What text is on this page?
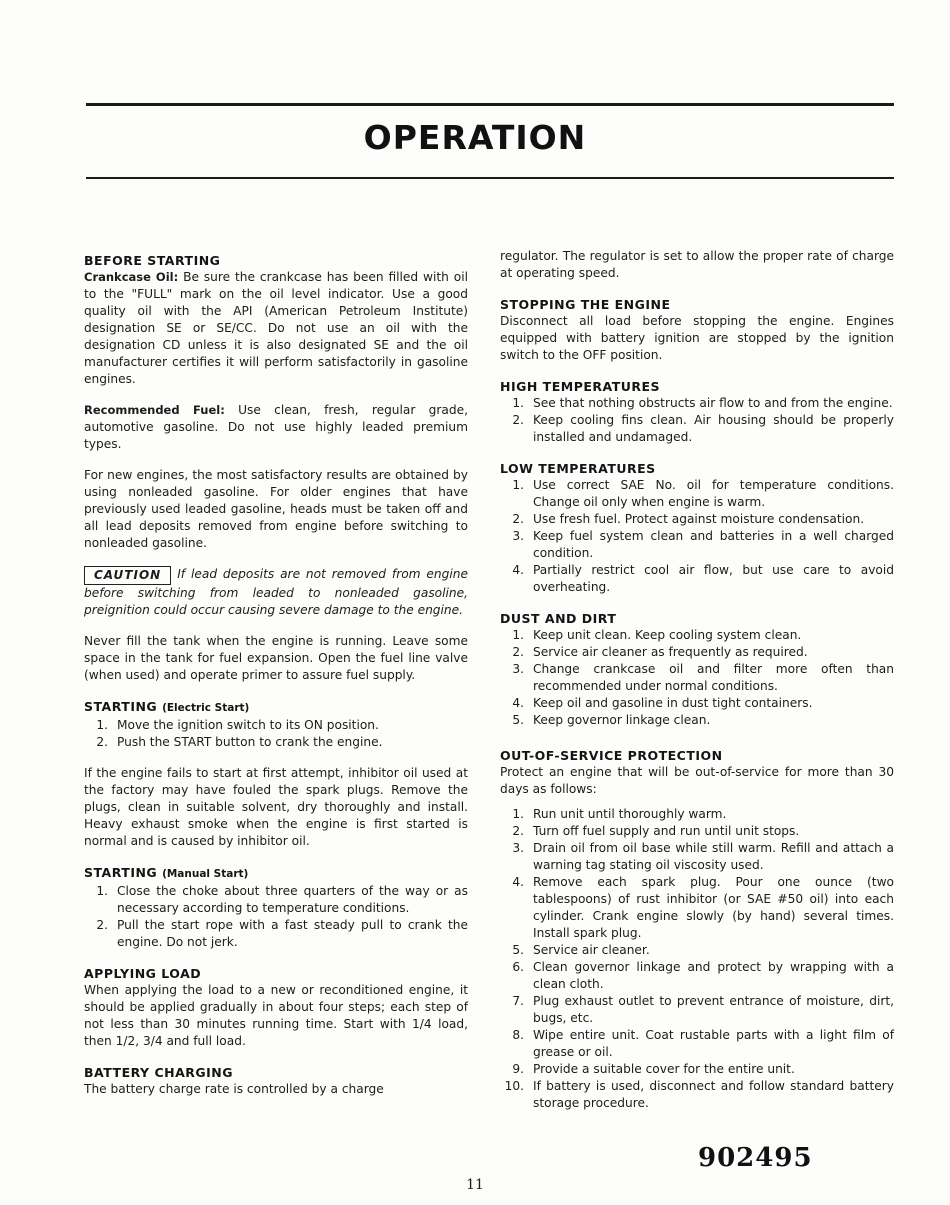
OPERATION
BEFORE STARTING

Crankcase Oil: Be sure the crankcase has been filled with oil to the "FULL" mark on the oil level indicator. Use a good quality oil with the API (American Petroleum Institute) designation SE or SE/CC. Do not use an oil with the designation CD unless it is also designated SE and the oil manufacturer certifies it will perform satisfactorily in gasoline engines.

Recommended Fuel: Use clean, fresh, regular grade, automotive gasoline. Do not use highly leaded premium types.

For new engines, the most satisfactory results are obtained by using nonleaded gasoline. For older engines that have previously used leaded gasoline, heads must be taken off and all lead deposits removed from engine before switching to nonleaded gasoline.

CAUTION If lead deposits are not removed from engine before switching from leaded to nonleaded gasoline, preignition could occur causing severe damage to the engine.

Never fill the tank when the engine is running. Leave some space in the tank for fuel expansion. Open the fuel line valve (when used) and operate primer to assure fuel supply.

STARTING (Electric Start)
1. Move the ignition switch to its ON position.
2. Push the START button to crank the engine.

If the engine fails to start at first attempt, inhibitor oil used at the factory may have fouled the spark plugs. Remove the plugs, clean in suitable solvent, dry thoroughly and install. Heavy exhaust smoke when the engine is first started is normal and is caused by inhibitor oil.

STARTING (Manual Start)
1. Close the choke about three quarters of the way or as necessary according to temperature conditions.
2. Pull the start rope with a fast steady pull to crank the engine. Do not jerk.
APPLYING LOAD

When applying the load to a new or reconditioned engine, it should be applied gradually in about four steps; each step of not less than 30 minutes running time. Start with 1/4 load, then 1/2, 3/4 and full load.

BATTERY CHARGING

The battery charge rate is controlled by a charge

regulator. The regulator is set to allow the proper rate of charge at operating speed.

STOPPING THE ENGINE

Disconnect all load before stopping the engine. Engines equipped with battery ignition are stopped by the ignition switch to the OFF position.

HIGH TEMPERATURES
1. See that nothing obstructs air flow to and from the engine.
2. Keep cooling fins clean. Air housing should be properly installed and undamaged.
LOW TEMPERATURES
1. Use correct SAE No. oil for temperature conditions. Change oil only when engine is warm.
2. Use fresh fuel. Protect against moisture condensation.
3. Keep fuel system clean and batteries in a well charged condition.
4. Partially restrict cool air flow, but use care to avoid overheating.
DUST AND DIRT
1. Keep unit clean. Keep cooling system clean.
2. Service air cleaner as frequently as required.
3. Change crankcase oil and filter more often than recommended under normal conditions.
4. Keep oil and gasoline in dust tight containers.
5. Keep governor linkage clean.
OUT-OF-SERVICE PROTECTION

Protect an engine that will be out-of-service for more than 30 days as follows:

1. Run unit until thoroughly warm.
2. Turn off fuel supply and run until unit stops.
3. Drain oil from oil base while still warm. Refill and attach a warning tag stating oil viscosity used.
4. Remove each spark plug. Pour one ounce (two tablespoons) of rust inhibitor (or SAE #50 oil) into each cylinder. Crank engine slowly (by hand) several times. Install spark plug.
5. Service air cleaner.
6. Clean governor linkage and protect by wrapping with a clean cloth.
7. Plug exhaust outlet to prevent entrance of moisture, dirt, bugs, etc.
8. Wipe entire unit. Coat rustable parts with a light film of grease or oil.
9. Provide a suitable cover for the entire unit.
10. If battery is used, disconnect and follow standard battery storage procedure.
902495
11
